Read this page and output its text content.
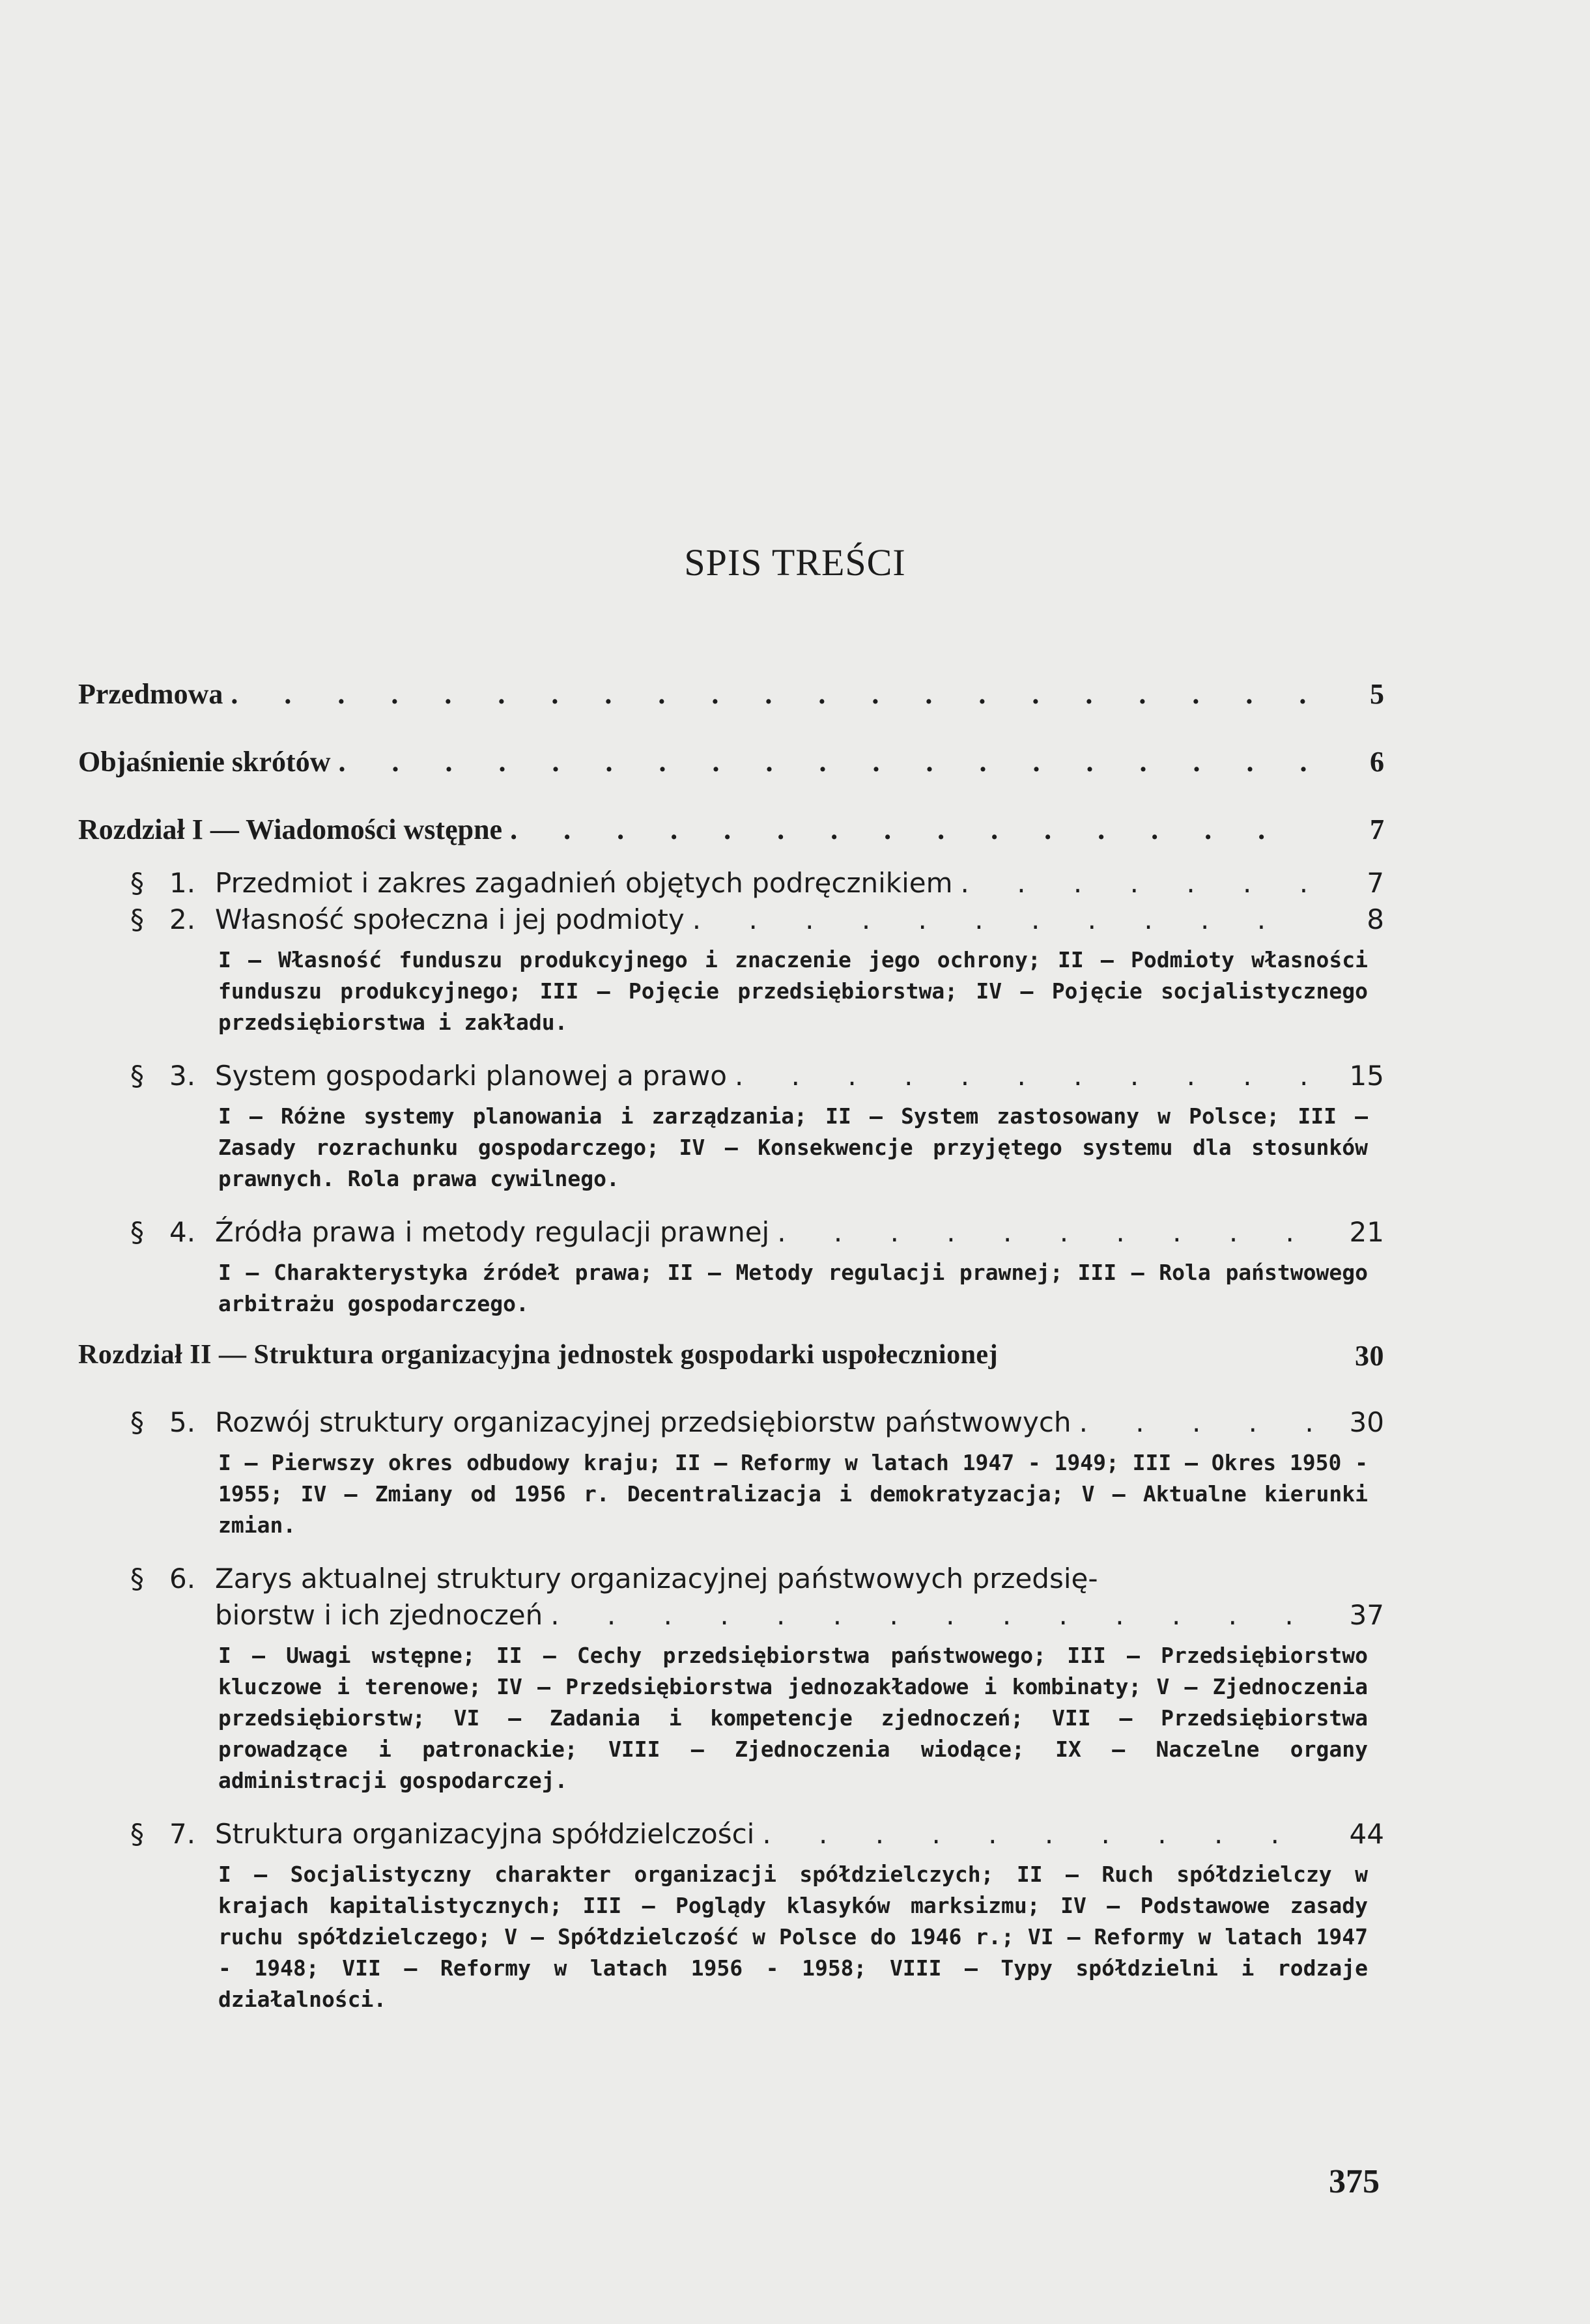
SPIS TREŚCI
Przedmowa . . .	5
Objaśnienie skrótów . . .	6
Rozdział I — Wiadomości wstępne . . .	7
§ 1. Przedmiot i zakres zagadnień objętych podręcznikiem . . .	7
§ 2. Własność społeczna i jej podmioty . . .	8
I — Własność funduszu produkcyjnego i znaczenie jego ochrony; II — Podmioty własności funduszu produkcyjnego; III — Pojęcie przedsiębiorstwa; IV — Pojęcie socjalistycznego przedsiębiorstwa i zakładu.
§ 3. System gospodarki planowej a prawo . . .	15
I — Różne systemy planowania i zarządzania; II — System zastosowany w Polsce; III — Zasady rozrachunku gospodarczego; IV — Konsekwencje przyjętego systemu dla stosunków prawnych. Rola prawa cywilnego.
§ 4. Źródła prawa i metody regulacji prawnej . . .	21
I — Charakterystyka źródeł prawa; II — Metody regulacji prawnej; III — Rola państwowego arbitrażu gospodarczego.
Rozdział II — Struktura organizacyjna jednostek gospodarki uspołecznionej	30
§ 5. Rozwój struktury organizacyjnej przedsiębiorstw państwowych . . .	30
I — Pierwszy okres odbudowy kraju; II — Reformy w latach 1947 - 1949; III — Okres 1950 - 1955; IV — Zmiany od 1956 r. Decentralizacja i demokratyzacja; V — Aktualne kierunki zmian.
§ 6. Zarys aktualnej struktury organizacyjnej państwowych przedsię-
biorstw i ich zjednoczeń . . .	37
I — Uwagi wstępne; II — Cechy przedsiębiorstwa państwowego; III — Przedsiębiorstwo kluczowe i terenowe; IV — Przedsiębiorstwa jednozakładowe i kombinaty; V — Zjednoczenia przedsiębiorstw; VI — Zadania i kompetencje zjednoczeń; VII — Przedsiębiorstwa prowadzące i patronackie; VIII — Zjednoczenia wiodące; IX — Naczelne organy administracji gospodarczej.
§ 7. Struktura organizacyjna spółdzielczości . . .	44
I — Socjalistyczny charakter organizacji spółdzielczych; II — Ruch spółdzielczy w krajach kapitalistycznych; III — Poglądy klasyków marksizmu; IV — Podstawowe zasady ruchu spółdzielczego; V — Spółdzielczość w Polsce do 1946 r.; VI — Reformy w latach 1947 - 1948; VII — Reformy w latach 1956 - 1958; VIII — Typy spółdzielni i rodzaje działalności.
375
